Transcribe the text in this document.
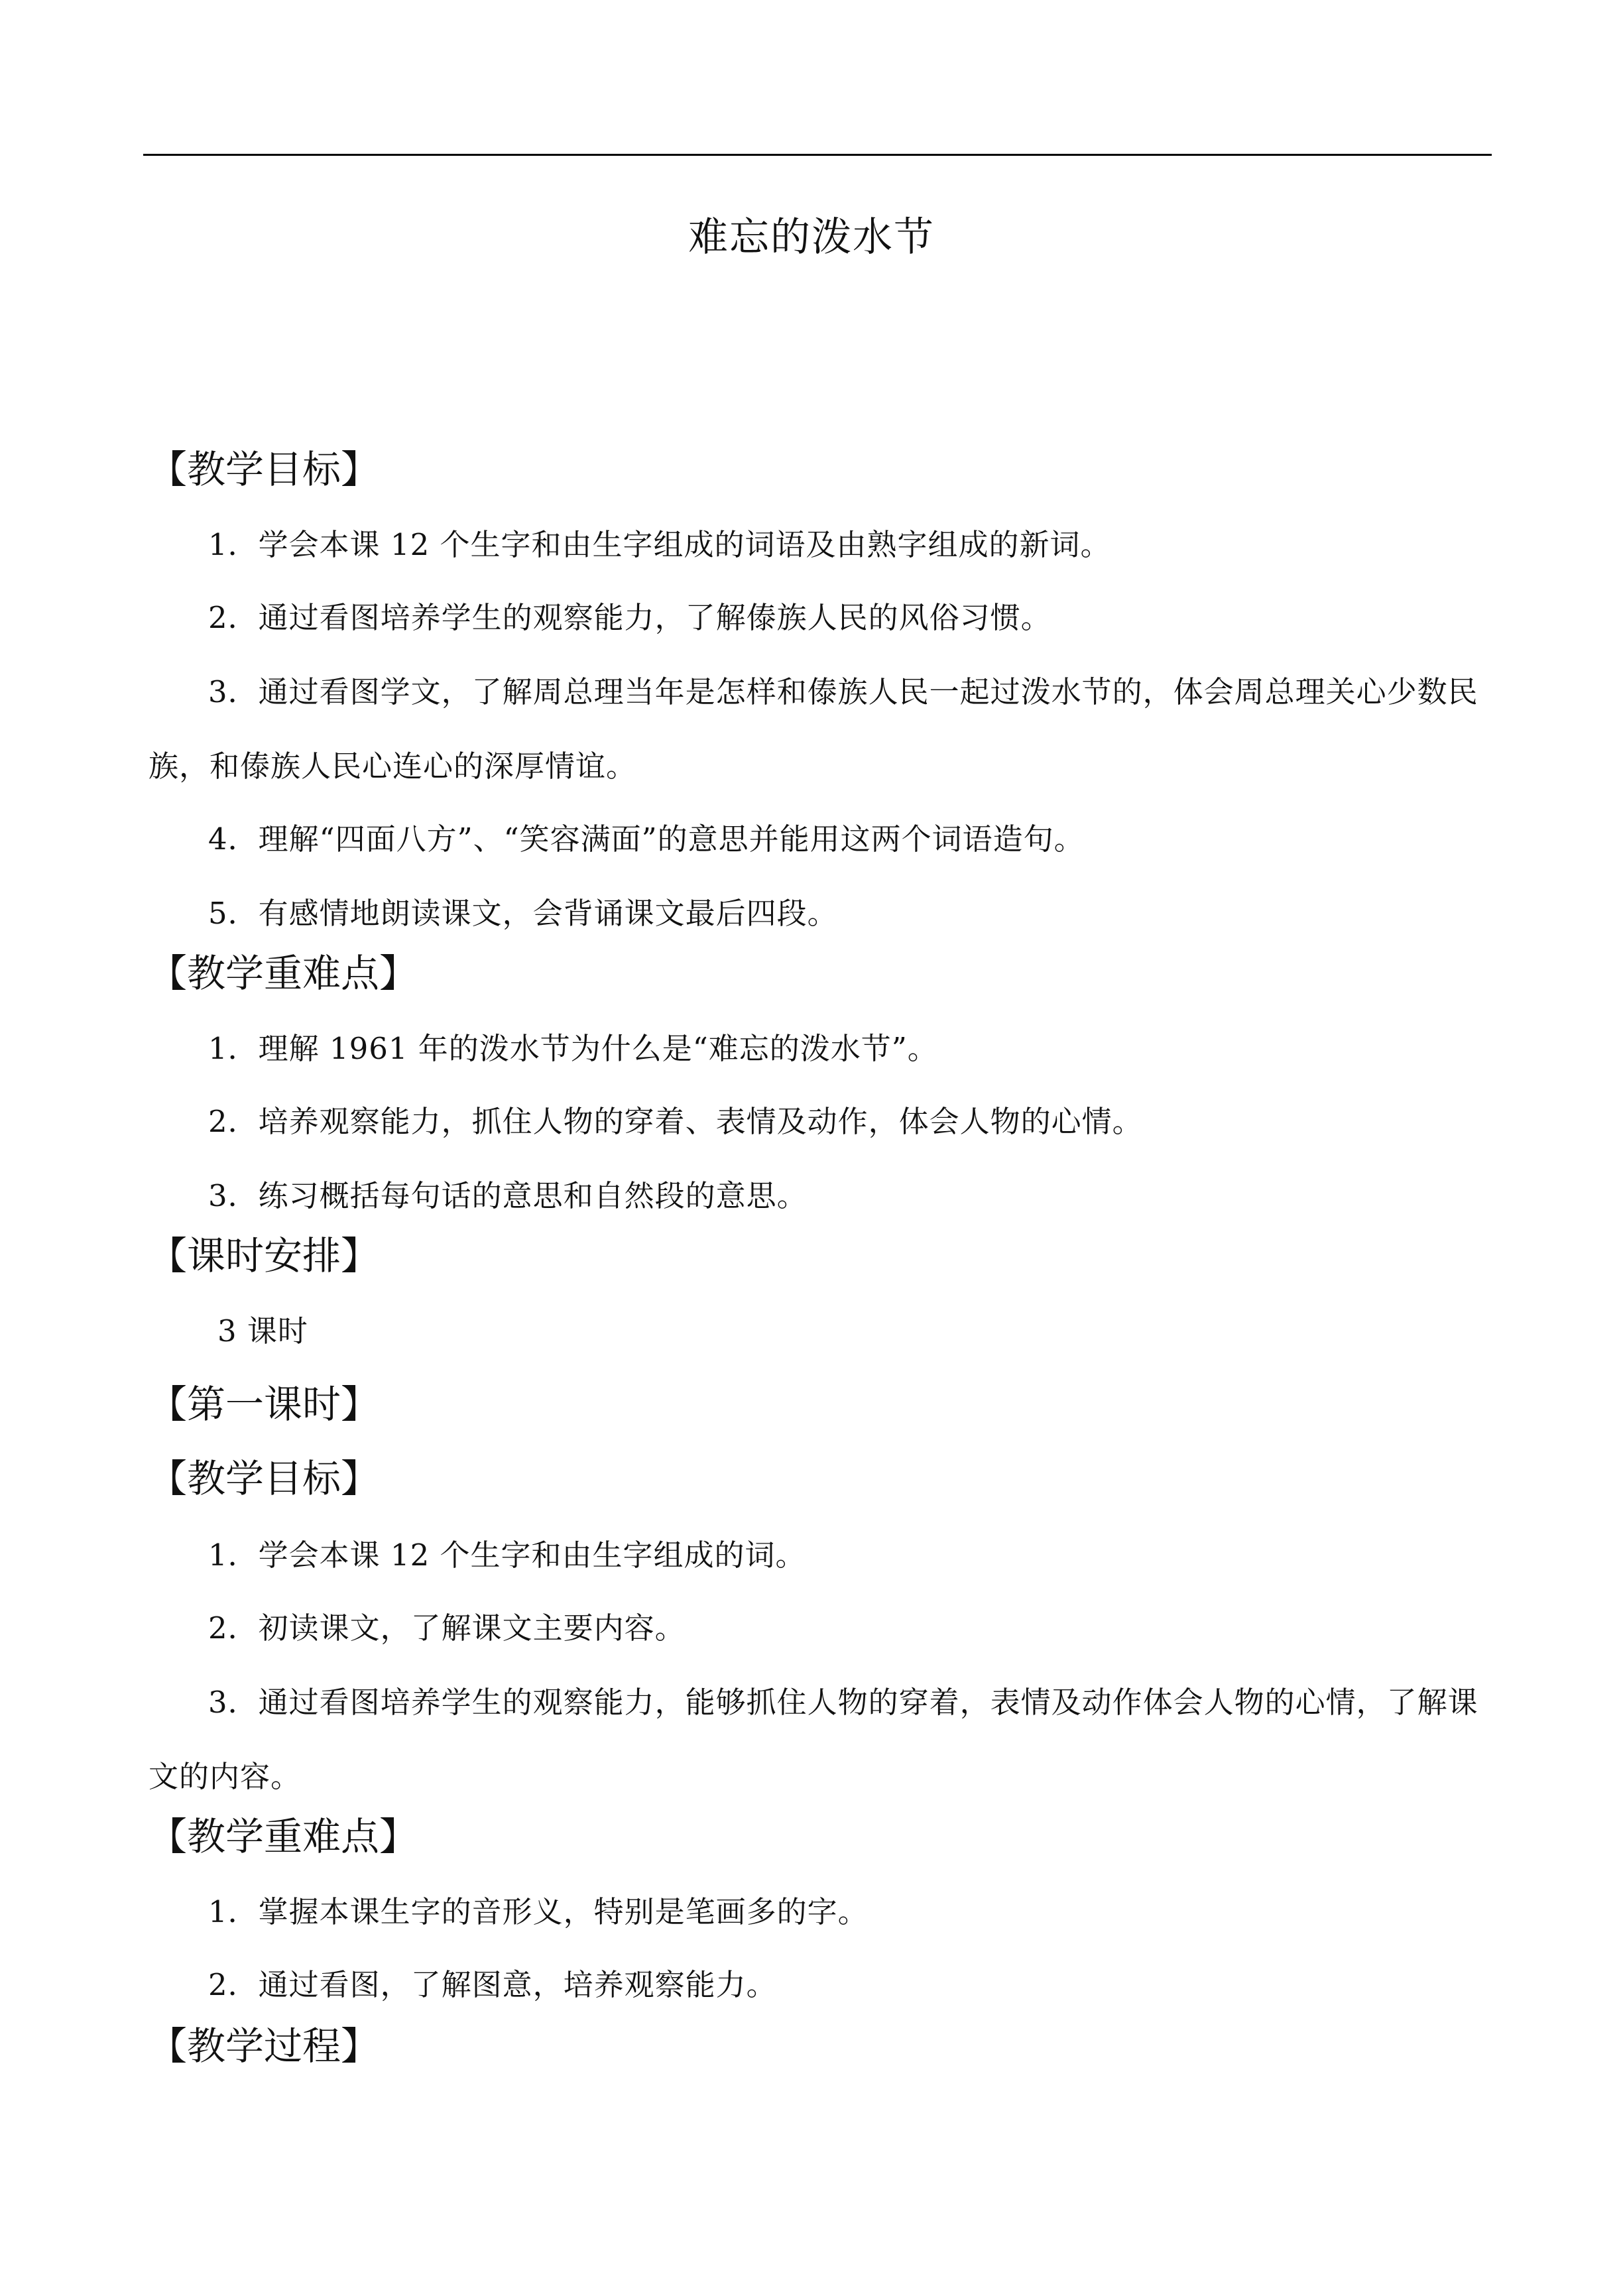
难忘的泼水节
【教学目标】
1．学会本课 12 个生字和由生字组成的词语及由熟字组成的新词。
2．通过看图培养学生的观察能力，了解傣族人民的风俗习惯。
3．通过看图学文，了解周总理当年是怎样和傣族人民一起过泼水节的，体会周总理关心少数民族，和傣族人民心连心的深厚情谊。
4．理解“四面八方”、“笑容满面”的意思并能用这两个词语造句。
5．有感情地朗读课文，会背诵课文最后四段。
【教学重难点】
1．理解 1961 年的泼水节为什么是“难忘的泼水节”。
2．培养观察能力，抓住人物的穿着、表情及动作，体会人物的心情。
3．练习概括每句话的意思和自然段的意思。
【课时安排】
3 课时
【第一课时】
【教学目标】
1．学会本课 12 个生字和由生字组成的词。
2．初读课文，了解课文主要内容。
3．通过看图培养学生的观察能力，能够抓住人物的穿着，表情及动作体会人物的心情，了解课文的内容。
【教学重难点】
1．掌握本课生字的音形义，特别是笔画多的字。
2．通过看图，了解图意，培养观察能力。
【教学过程】
